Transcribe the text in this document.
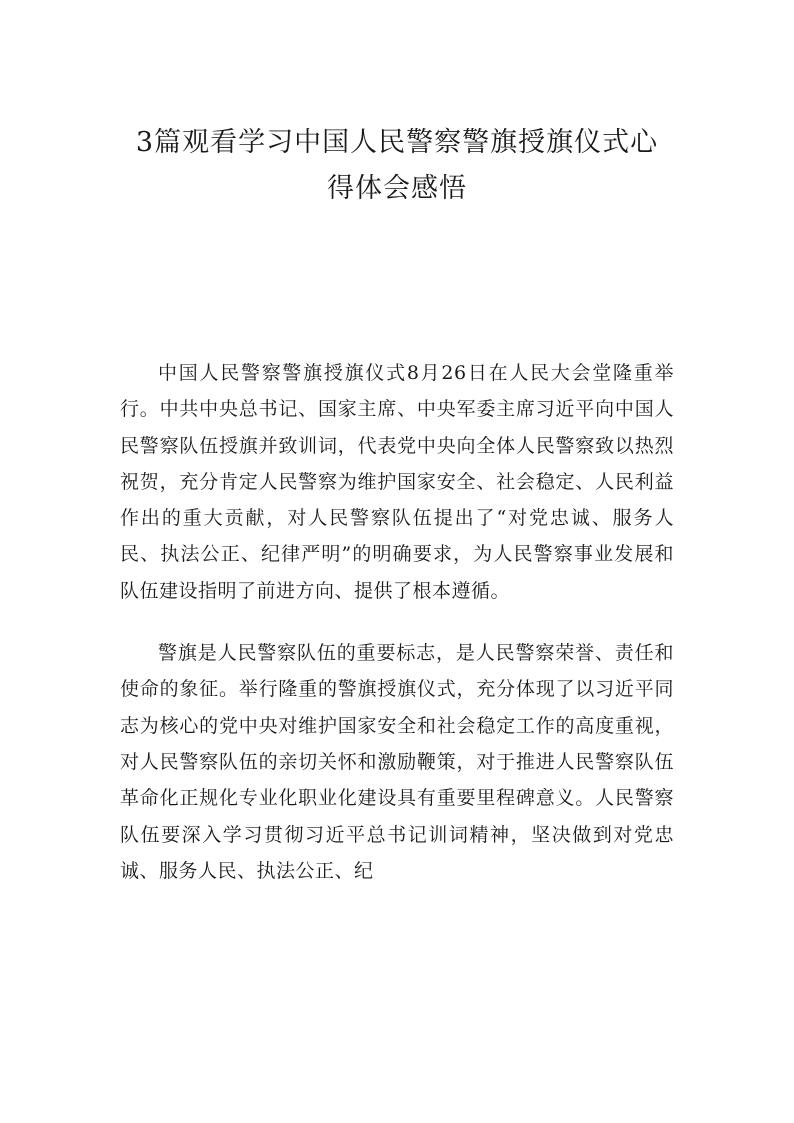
3篇观看学习中国人民警察警旗授旗仪式心
得体会感悟

中国人民警察警旗授旗仪式8月26日在人民大会堂隆重举行。中共中央总书记、国家主席、中央军委主席习近平向中国人民警察队伍授旗并致训词，代表党中央向全体人民警察致以热烈祝贺，充分肯定人民警察为维护国家安全、社会稳定、人民利益作出的重大贡献，对人民警察队伍提出了“对党忠诚、服务人民、执法公正、纪律严明”的明确要求，为人民警察事业发展和队伍建设指明了前进方向、提供了根本遵循。

警旗是人民警察队伍的重要标志，是人民警察荣誉、责任和使命的象征。举行隆重的警旗授旗仪式，充分体现了以习近平同志为核心的党中央对维护国家安全和社会稳定工作的高度重视，对人民警察队伍的亲切关怀和激励鞭策，对于推进人民警察队伍革命化正规化专业化职业化建设具有重要里程碑意义。人民警察队伍要深入学习贯彻习近平总书记训词精神，坚决做到对党忠诚、服务人民、执法公正、纪
